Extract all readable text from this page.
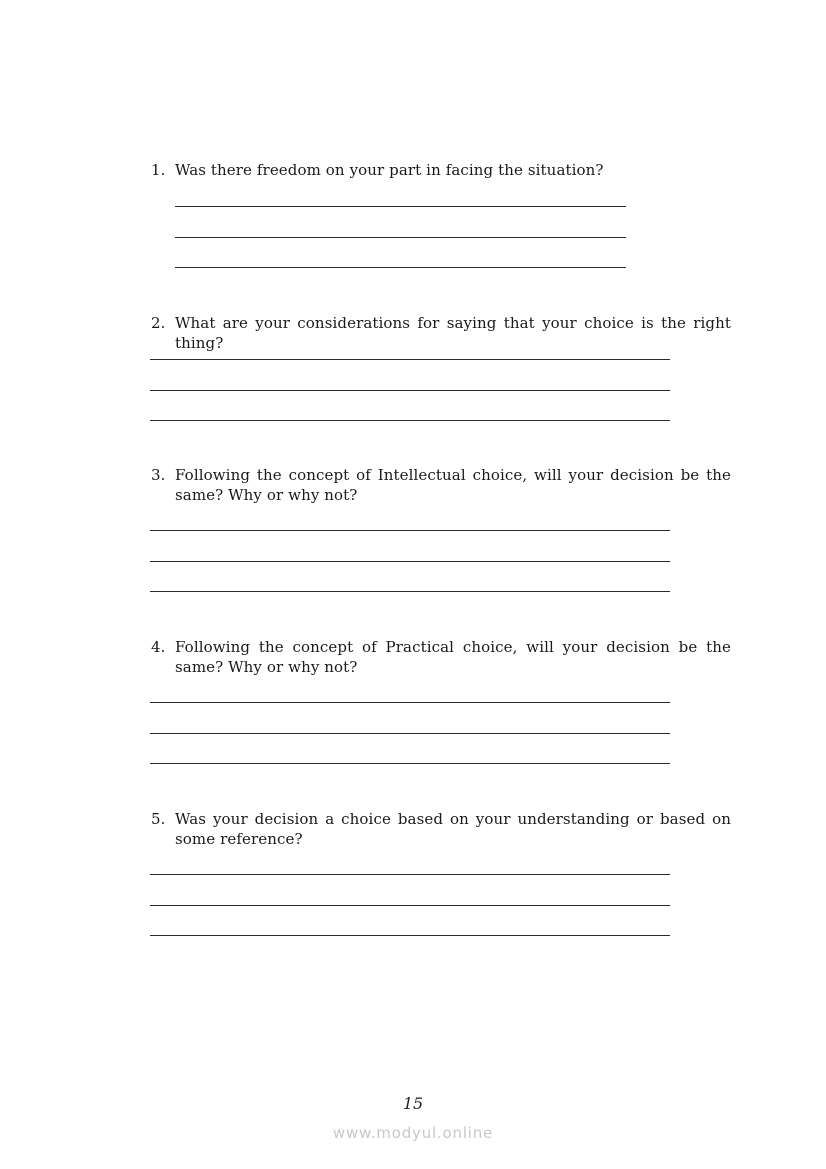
1. Was there freedom on your part in facing the situation?
2. What are your considerations for saying that your choice is the right thing?
3. Following the concept of Intellectual choice, will your decision be the same? Why or why not?
4. Following the concept of Practical choice, will your decision be the same? Why or why not?
5. Was your decision a choice based on your understanding or based on some reference?
15
www.modyul.online
